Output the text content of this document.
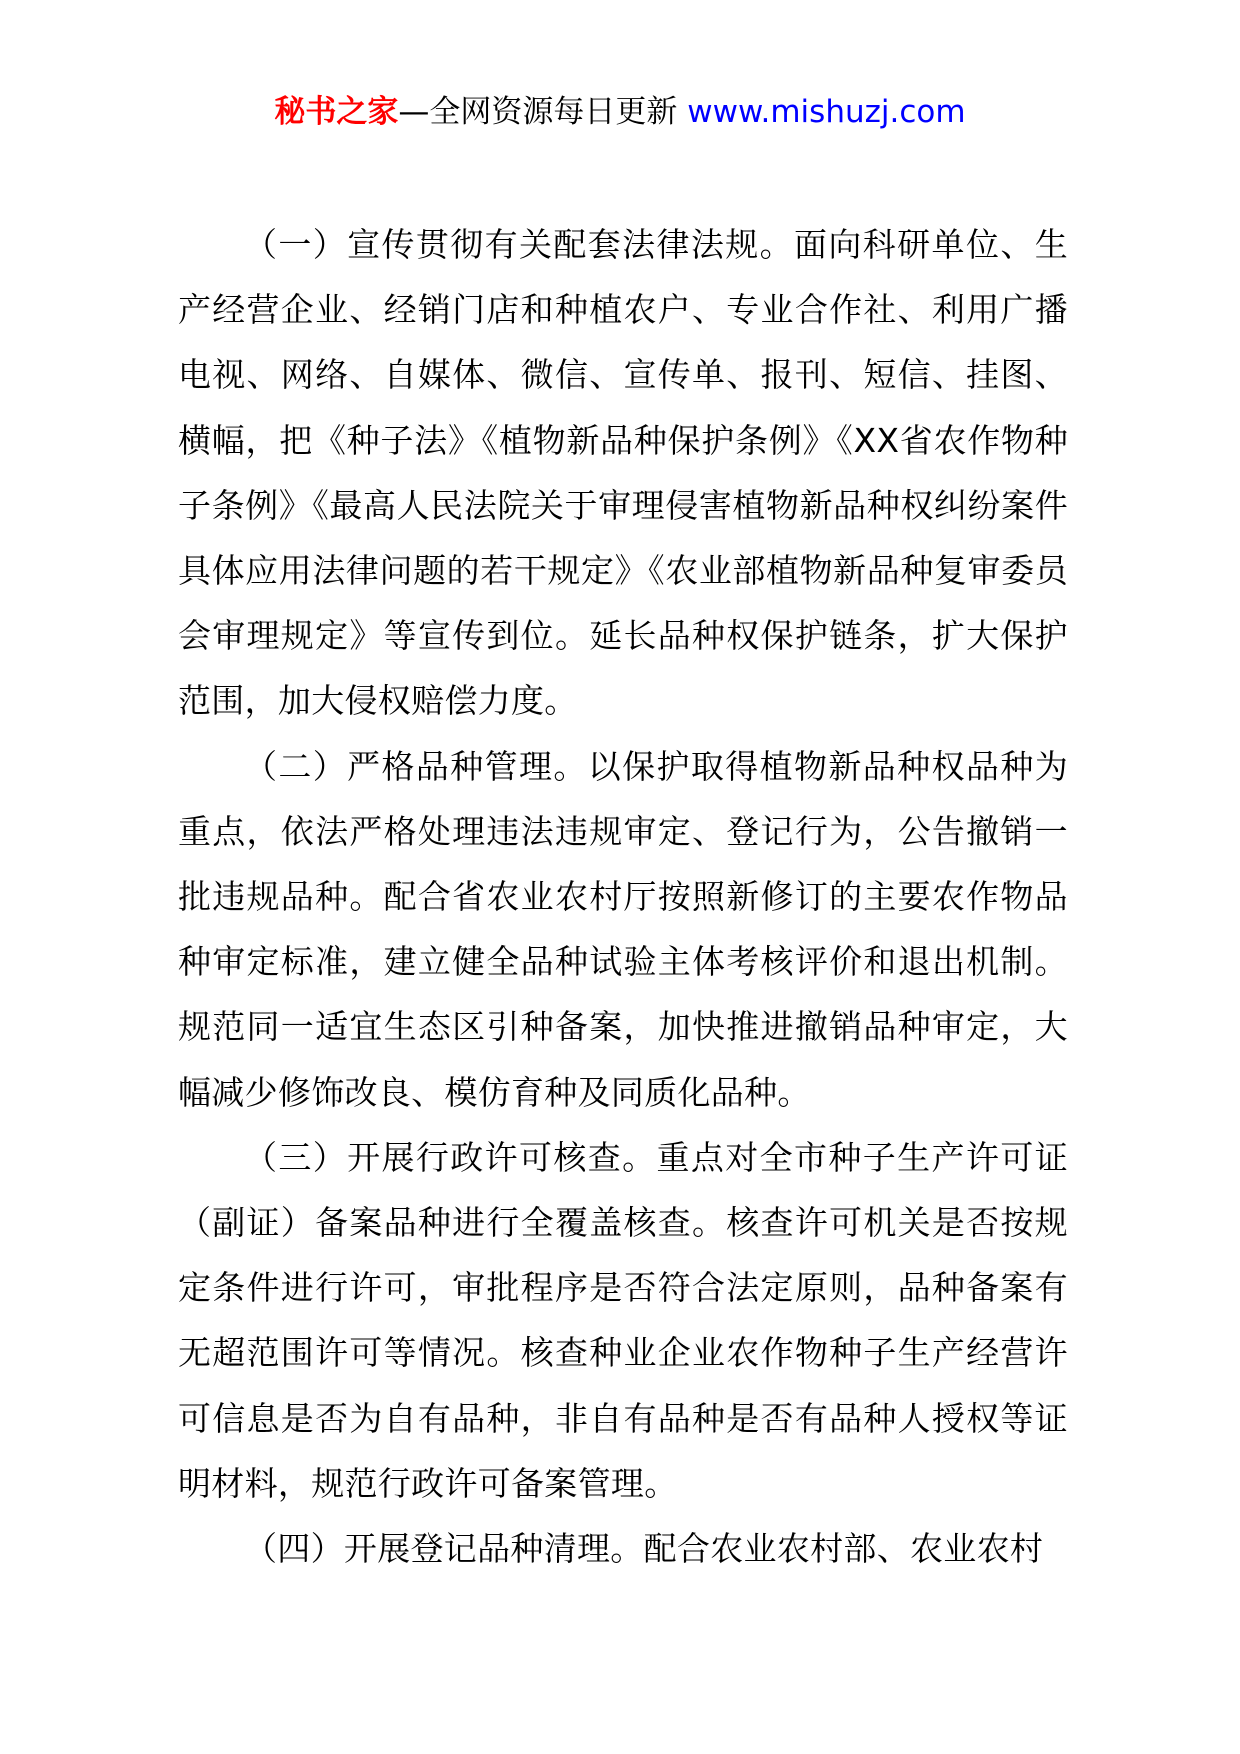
秘书之家—全网资源每日更新 www.mishuzj.com

（一）宣传贯彻有关配套法律法规。面向科研单位、生产经营企业、经销门店和种植农户、专业合作社、利用广播电视、网络、自媒体、微信、宣传单、报刊、短信、挂图、横幅，把《种子法》《植物新品种保护条例》《XX省农作物种子条例》《最高人民法院关于审理侵害植物新品种权纠纷案件具体应用法律问题的若干规定》《农业部植物新品种复审委员会审理规定》等宣传到位。延长品种权保护链条，扩大保护范围，加大侵权赔偿力度。

（二）严格品种管理。以保护取得植物新品种权品种为重点，依法严格处理违法违规审定、登记行为，公告撤销一批违规品种。配合省农业农村厅按照新修订的主要农作物品种审定标准，建立健全品种试验主体考核评价和退出机制。规范同一适宜生态区引种备案，加快推进撤销品种审定，大幅减少修饰改良、模仿育种及同质化品种。

（三）开展行政许可核查。重点对全市种子生产许可证（副证）备案品种进行全覆盖核查。核查许可机关是否按规定条件进行许可，审批程序是否符合法定原则，品种备案有无超范围许可等情况。核查种业企业农作物种子生产经营许可信息是否为自有品种，非自有品种是否有品种人授权等证明材料，规范行政许可备案管理。

（四）开展登记品种清理。配合农业农村部、农业农村
